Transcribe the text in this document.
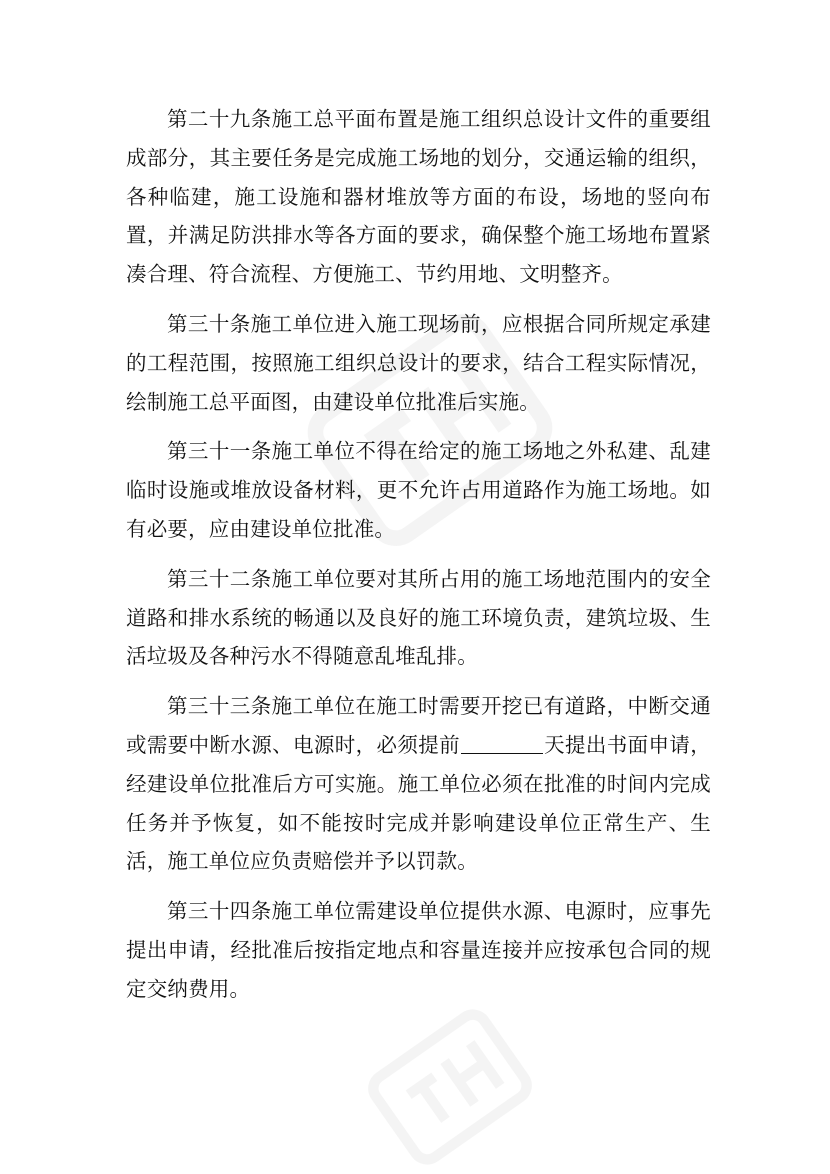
第二十九条施工总平面布置是施工组织总设计文件的重要组成部分，其主要任务是完成施工场地的划分，交通运输的组织，各种临建，施工设施和器材堆放等方面的布设，场地的竖向布置，并满足防洪排水等各方面的要求，确保整个施工场地布置紧凑合理、符合流程、方便施工、节约用地、文明整齐。

第三十条施工单位进入施工现场前，应根据合同所规定承建的工程范围，按照施工组织总设计的要求，结合工程实际情况，绘制施工总平面图，由建设单位批准后实施。

第三十一条施工单位不得在给定的施工场地之外私建、乱建临时设施或堆放设备材料，更不允许占用道路作为施工场地。如有必要，应由建设单位批准。

第三十二条施工单位要对其所占用的施工场地范围内的安全道路和排水系统的畅通以及良好的施工环境负责，建筑垃圾、生活垃圾及各种污水不得随意乱堆乱排。

第三十三条施工单位在施工时需要开挖已有道路，中断交通或需要中断水源、电源时，必须提前	天提出书面申请，经建设单位批准后方可实施。施工单位必须在批准的时间内完成任务并予恢复，如不能按时完成并影响建设单位正常生产、生活，施工单位应负责赔偿并予以罚款。

第三十四条施工单位需建设单位提供水源、电源时，应事先提出申请，经批准后按指定地点和容量连接并应按承包合同的规定交纳费用。
